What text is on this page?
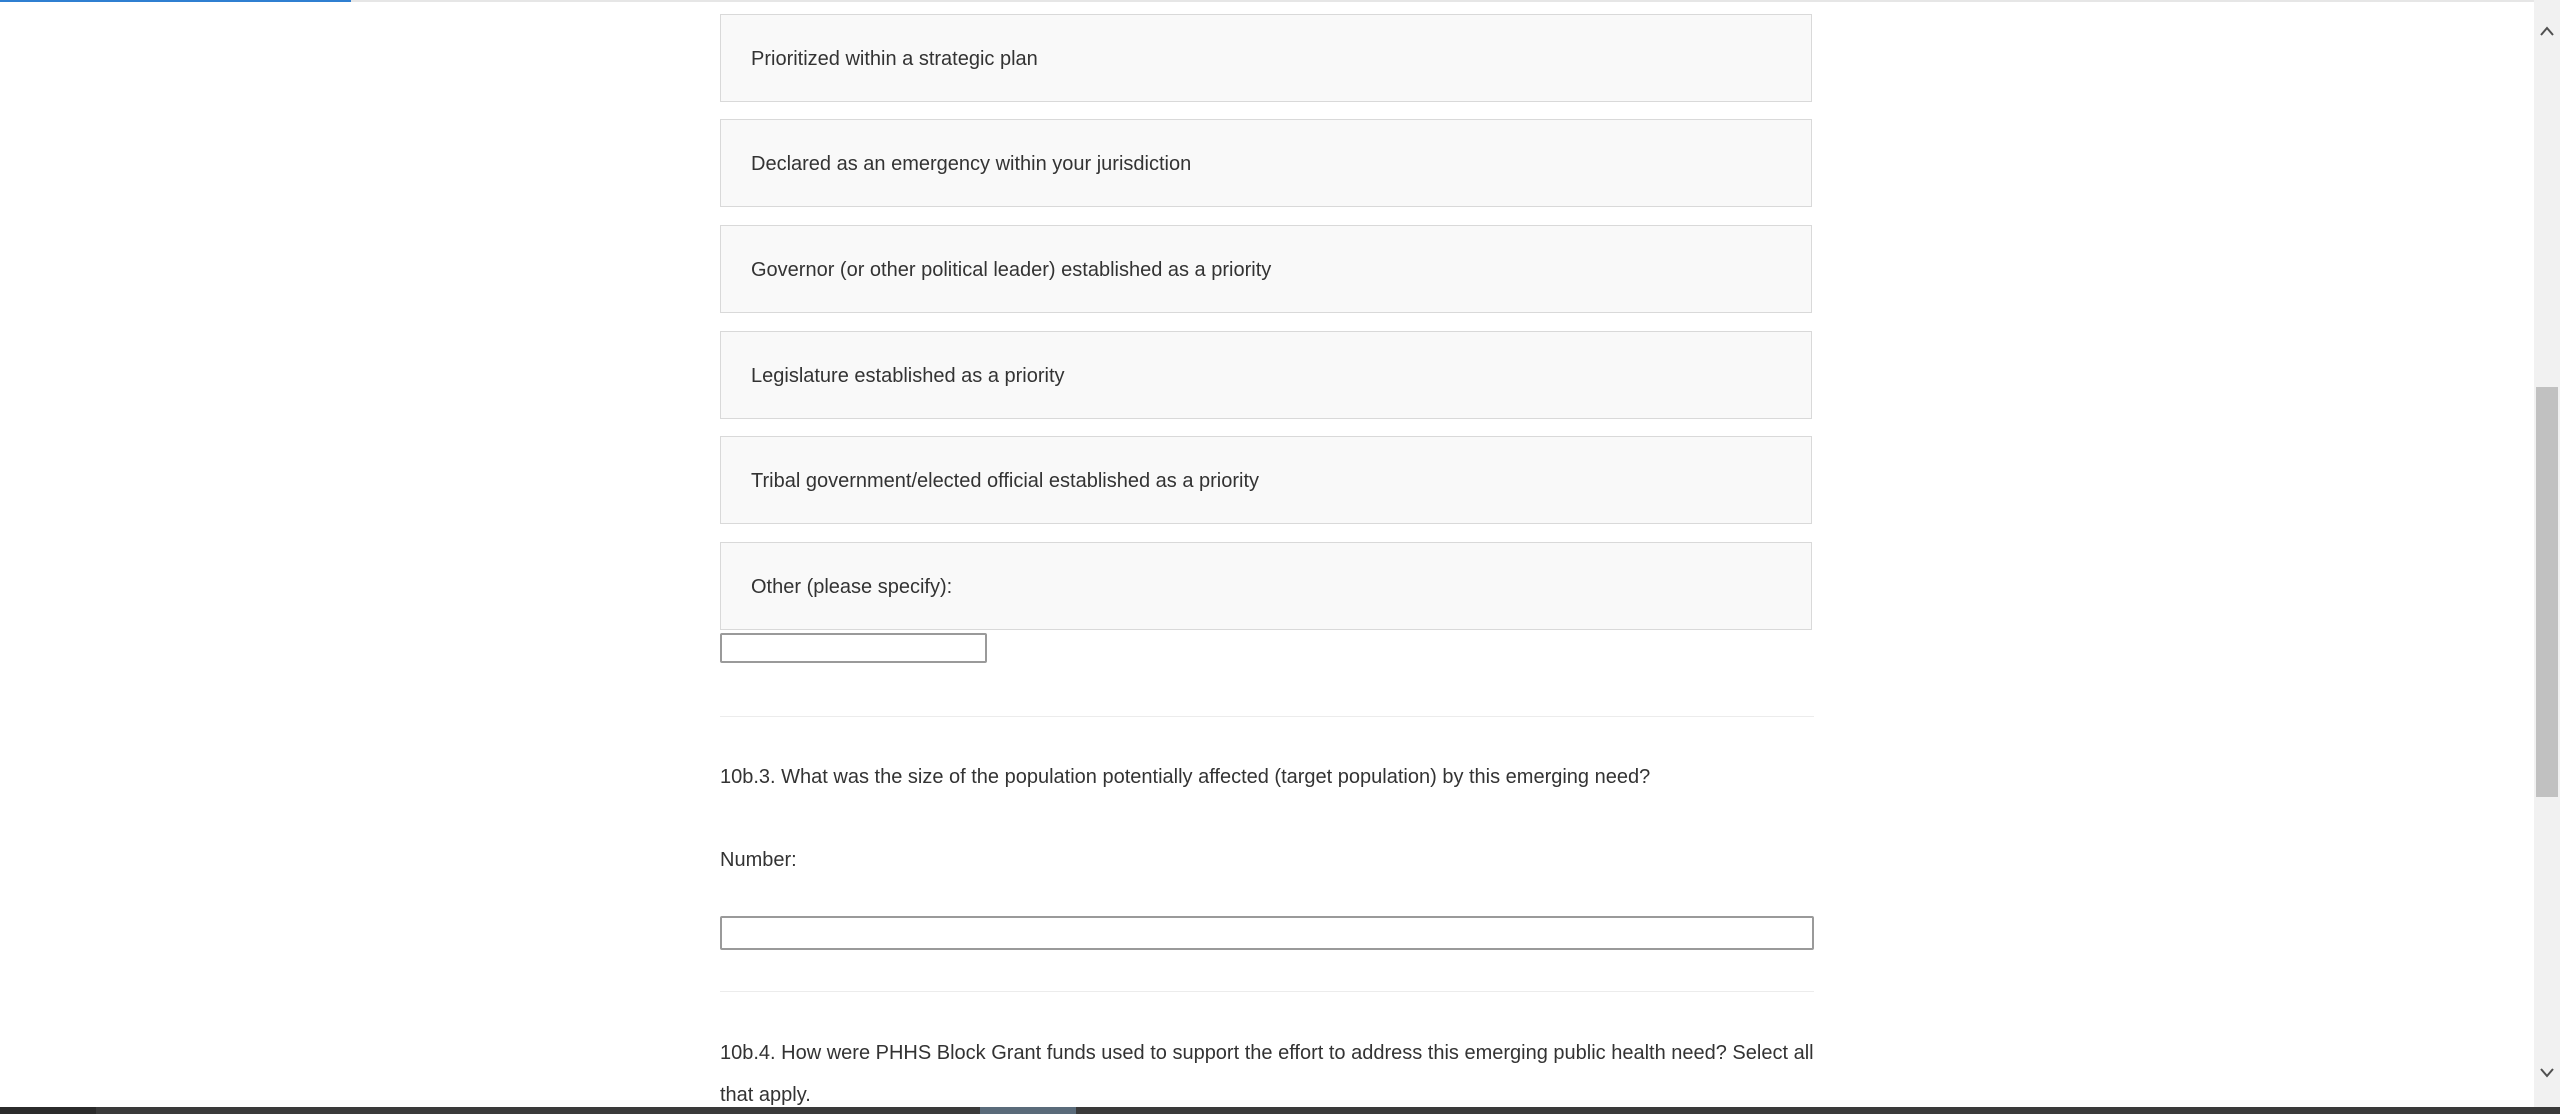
Prioritized within a strategic plan
Declared as an emergency within your jurisdiction
Governor (or other political leader) established as a priority
Legislature established as a priority
Tribal government/elected official established as a priority
Other (please specify):
10b.3. What was the size of the population potentially affected (target population) by this emerging need?
Number:
10b.4. How were PHHS Block Grant funds used to support the effort to address this emerging public health need? Select all that apply.
